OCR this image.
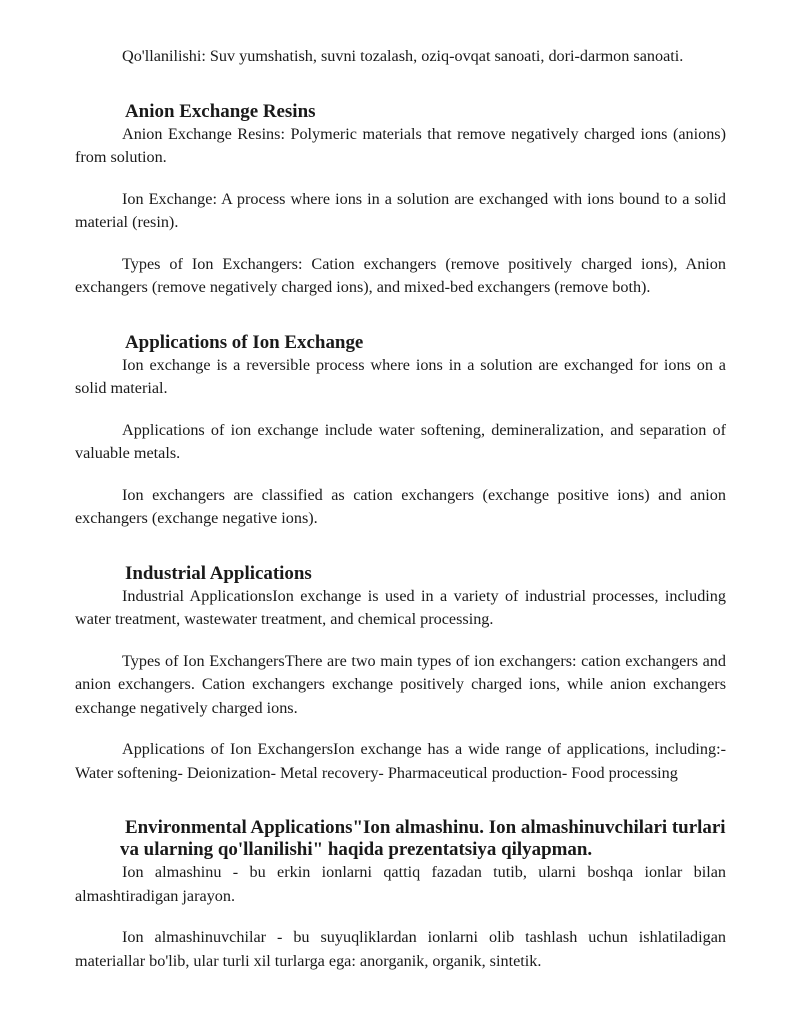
Qo'llanilishi: Suv yumshatish, suvni tozalash, oziq-ovqat sanoati, dori-darmon sanoati.

Anion Exchange Resins

Anion Exchange Resins: Polymeric materials that remove negatively charged ions (anions) from solution.

Ion Exchange: A process where ions in a solution are exchanged with ions bound to a solid material (resin).

Types of Ion Exchangers: Cation exchangers (remove positively charged ions), Anion exchangers (remove negatively charged ions), and mixed-bed exchangers (remove both).

Applications of Ion Exchange

Ion exchange is a reversible process where ions in a solution are exchanged for ions on a solid material.

Applications of ion exchange include water softening, demineralization, and separation of valuable metals.

Ion exchangers are classified as cation exchangers (exchange positive ions) and anion exchangers (exchange negative ions).

Industrial Applications

Industrial ApplicationsIon exchange is used in a variety of industrial processes, including water treatment, wastewater treatment, and chemical processing.

Types of Ion ExchangersThere are two main types of ion exchangers: cation exchangers and anion exchangers. Cation exchangers exchange positively charged ions, while anion exchangers exchange negatively charged ions.

Applications of Ion ExchangersIon exchange has a wide range of applications, including:- Water softening- Deionization- Metal recovery- Pharmaceutical production- Food processing

Environmental Applications"Ion almashinu. Ion almashinuvchilari turlari va ularning qo'llanilishi" haqida prezentatsiya qilyapman.

Ion almashinu - bu erkin ionlarni qattiq fazadan tutib, ularni boshqa ionlar bilan almashtiradigan jarayon.

Ion almashinuvchilar - bu suyuqliklardan ionlarni olib tashlash uchun ishlatiladigan materiallar bo'lib, ular turli xil turlarga ega: anorganik, organik, sintetik.
